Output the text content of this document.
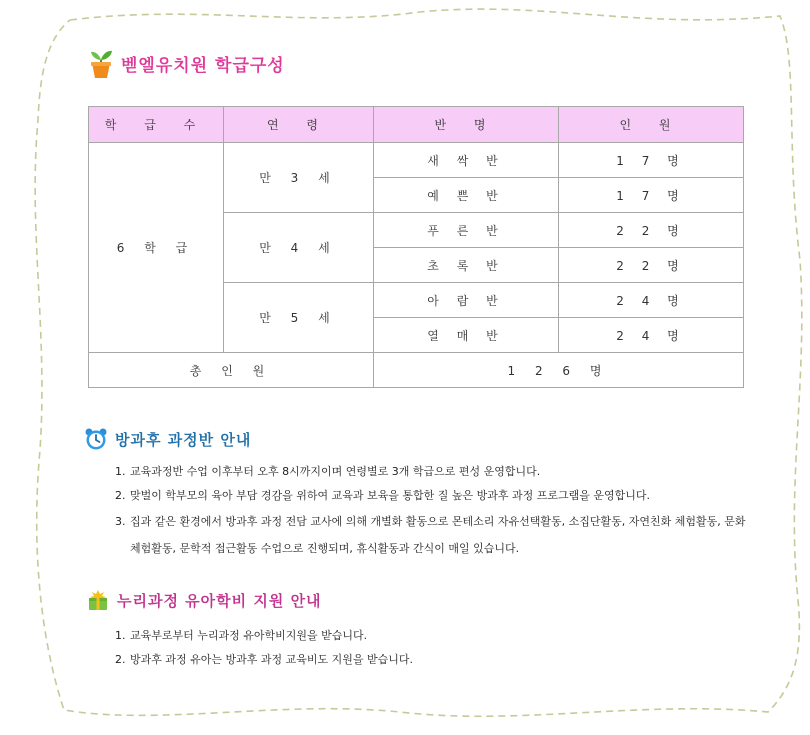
벧엘유치원 학급구성
학 급 수	연 령	반 명	인 원
6 학 급	만 3 세	새 싹 반	1 7 명
		예 쁜 반	1 7 명
	만 4 세	푸 른 반	2 2 명
		초 록 반	2 2 명
	만 5 세	아 람 반	2 4 명
		열 매 반	2 4 명
총 인 원		1 2 6 명	
방과후 과정반 안내
1. 교육과정반 수업 이후부터 오후 8시까지이며 연령별로 3개 학급으로 편성 운영합니다.
2. 맞벌이 학부모의 육아 부담 경감을 위하여 교육과 보육을 통합한 질 높은 방과후 과정 프로그램을 운영합니다.
3. 집과 같은 환경에서 방과후 과정 전담 교사에 의해 개별화 활동으로 몬테소리 자유선택활동, 소집단활동, 자연친화 체험활동, 문화체험활동, 문학적 접근활동 수업으로 진행되며, 휴식활동과 간식이 매일 있습니다.
누리과정 유아학비 지원 안내
1. 교육부로부터 누리과정 유아학비지원을 받습니다.
2. 방과후 과정 유아는 방과후 과정 교육비도 지원을 받습니다.
